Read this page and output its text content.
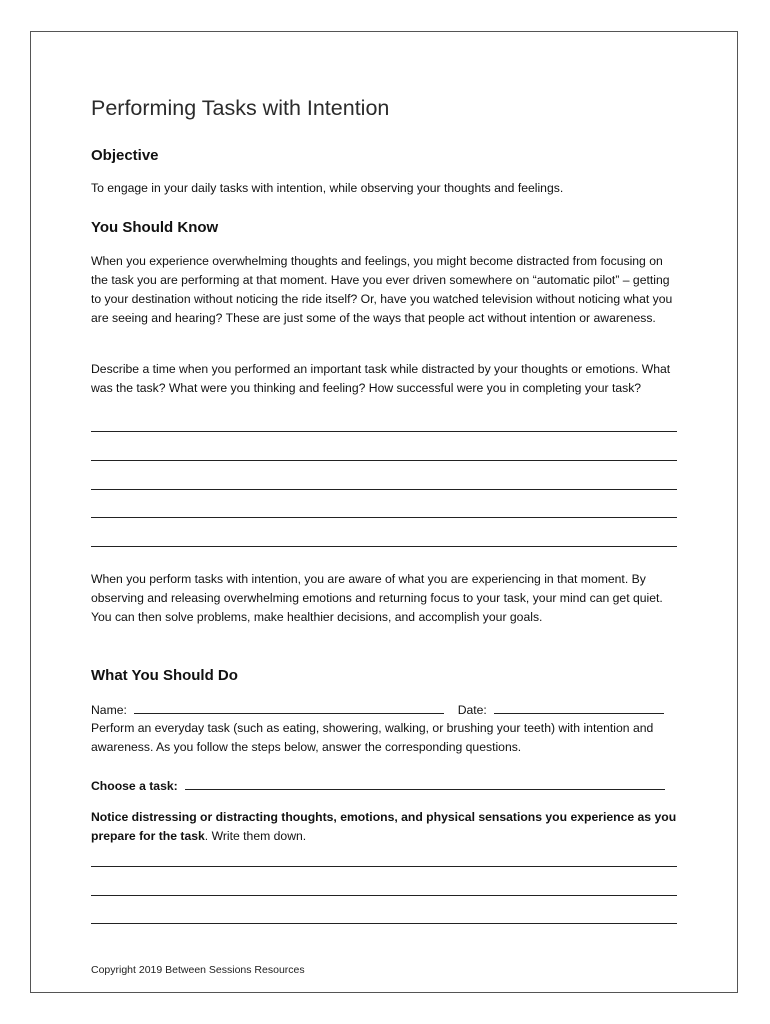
Performing Tasks with Intention
Objective
To engage in your daily tasks with intention, while observing your thoughts and feelings.
You Should Know
When you experience overwhelming thoughts and feelings, you might become distracted from focusing on the task you are performing at that moment. Have you ever driven somewhere on “automatic pilot” – getting to your destination without noticing the ride itself? Or, have you watched television without noticing what you are seeing and hearing? These are just some of the ways that people act without intention or awareness.
Describe a time when you performed an important task while distracted by your thoughts or emotions. What was the task? What were you thinking and feeling? How successful were you in completing your task?
When you perform tasks with intention, you are aware of what you are experiencing in that moment. By observing and releasing overwhelming emotions and returning focus to your task, your mind can get quiet. You can then solve problems, make healthier decisions, and accomplish your goals.
What You Should Do
Name:	Date:
Perform an everyday task (such as eating, showering, walking, or brushing your teeth) with intention and awareness. As you follow the steps below, answer the corresponding questions.
Choose a task:
Notice distressing or distracting thoughts, emotions, and physical sensations you experience as you prepare for the task. Write them down.
Copyright 2019 Between Sessions Resources
